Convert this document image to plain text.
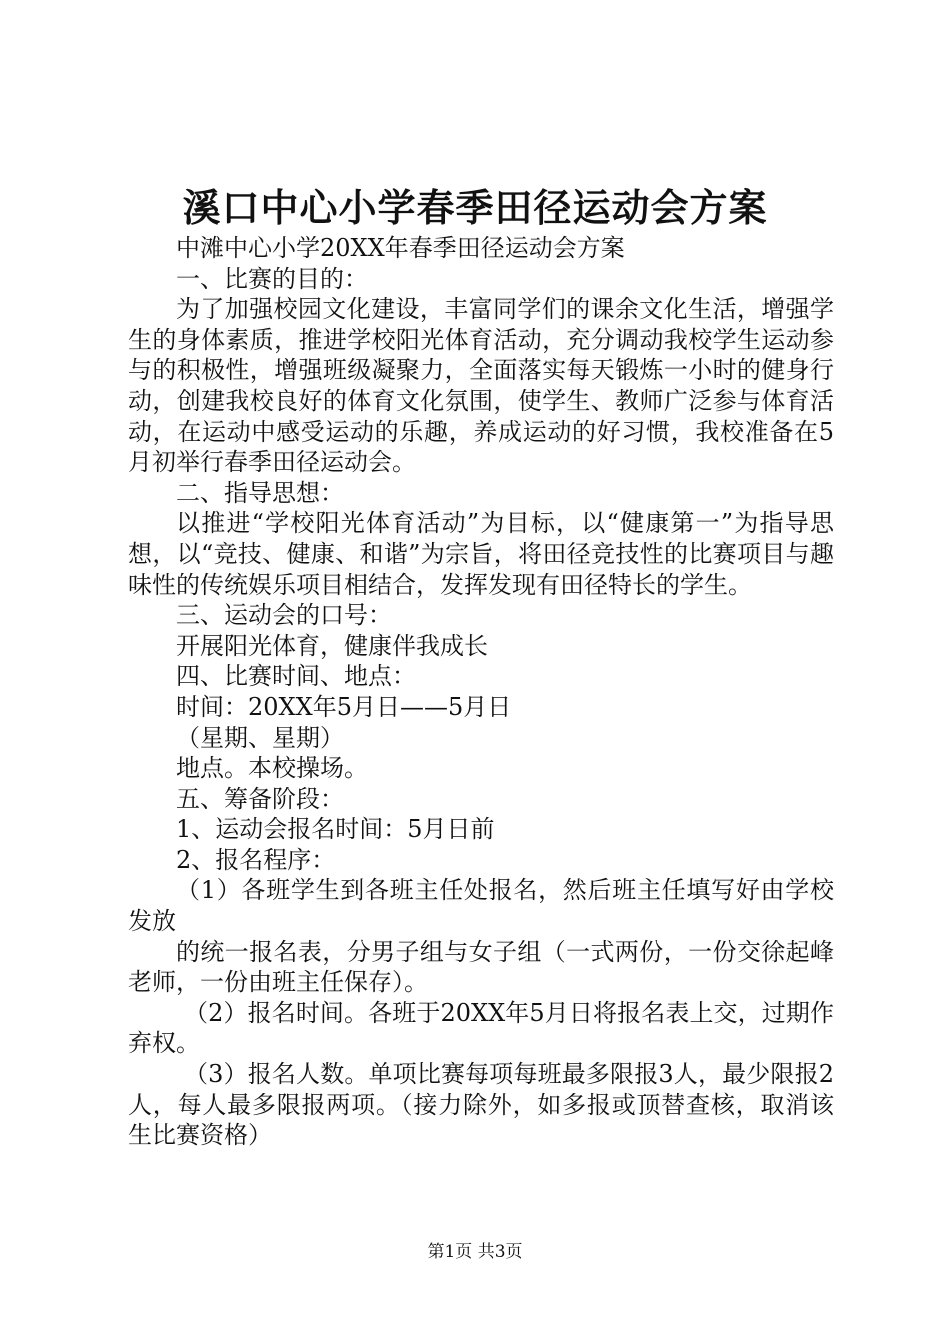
溪口中心小学春季田径运动会方案

中滩中心小学20XX年春季田径运动会方案

一、比赛的目的：

为了加强校园文化建设，丰富同学们的课余文化生活，增强学生的身体素质，推进学校阳光体育活动，充分调动我校学生运动参与的积极性，增强班级凝聚力，全面落实每天锻炼一小时的健身行动，创建我校良好的体育文化氛围，使学生、教师广泛参与体育活动，在运动中感受运动的乐趣，养成运动的好习惯，我校准备在5月初举行春季田径运动会。

二、指导思想：

以推进“学校阳光体育活动”为目标，以“健康第一”为指导思想，以“竞技、健康、和谐”为宗旨，将田径竞技性的比赛项目与趣味性的传统娱乐项目相结合，发挥发现有田径特长的学生。

三、运动会的口号：

开展阳光体育，健康伴我成长

四、比赛时间、地点：

时间：20XX年5月日——5月日

（星期、星期）

地点。本校操场。

五、筹备阶段：

1、运动会报名时间：5月日前

2、报名程序：

（1）各班学生到各班主任处报名，然后班主任填写好由学校发放

的统一报名表，分男子组与女子组（一式两份，一份交徐起峰老师，一份由班主任保存）。

（2）报名时间。各班于20XX年5月日将报名表上交，过期作弃权。

（3）报名人数。单项比赛每项每班最多限报3人，最少限报2人，每人最多限报两项。（接力除外，如多报或顶替查核，取消该生比赛资格）

第1页 共3页
